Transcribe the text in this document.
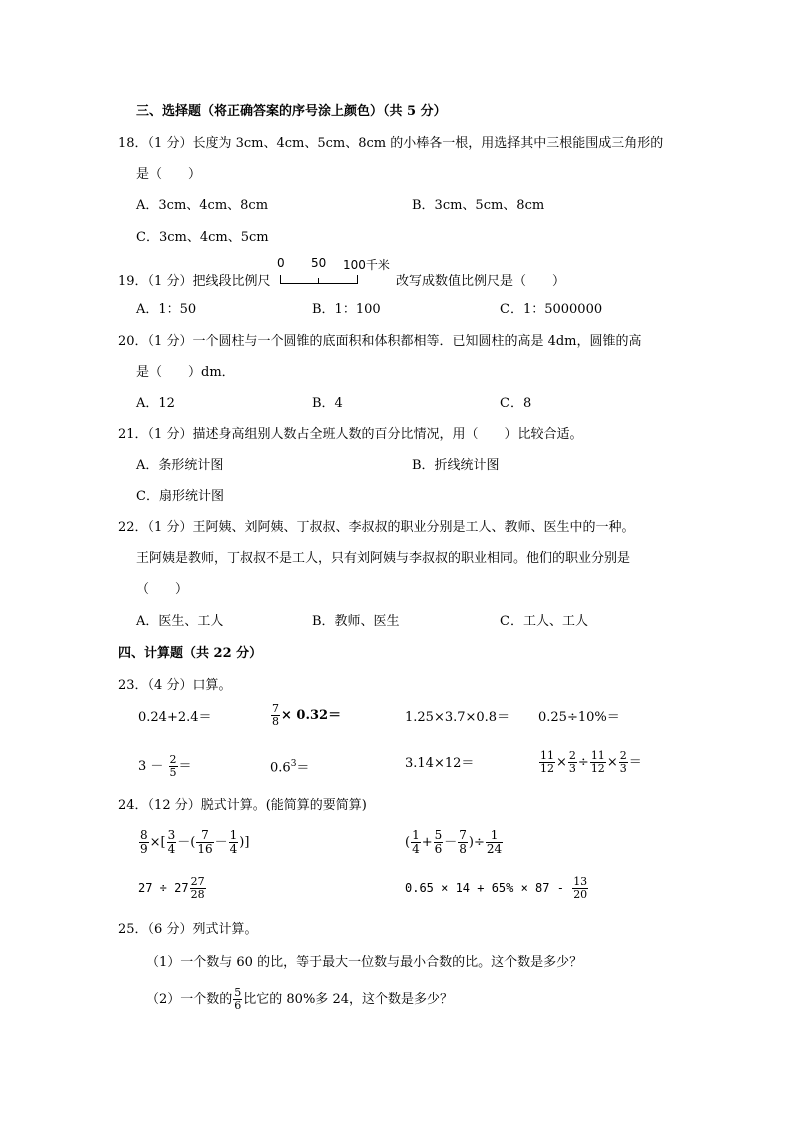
三、选择题（将正确答案的序号涂上颜色）（共 5 分）
18．（1 分）长度为 3cm、4cm、5cm、8cm 的小棒各一根，用选择其中三根能围成三角形的
是（　　）
A．3cm、4cm、8cm	B．3cm、5cm、8cm
C．3cm、4cm、5cm
19．（1 分）把线段比例尺
0 50 100千米
改写成数值比例尺是（　　）
A．1：50	B．1：100	C．1：5000000
20．（1 分）一个圆柱与一个圆锥的底面积和体积都相等．已知圆柱的高是 4dm，圆锥的高
是（　　）dm．
A．12	B．4	C．8
21．（1 分）描述身高组别人数占全班人数的百分比情况，用（　　）比较合适。
A．条形统计图	B．折线统计图
C．扇形统计图
22．（1 分）王阿姨、刘阿姨、丁叔叔、李叔叔的职业分别是工人、教师、医生中的一种。
王阿姨是教师，丁叔叔不是工人，只有刘阿姨与李叔叔的职业相同。他们的职业分别是
（　　）
A．医生、工人	B．教师、医生	C．工人、工人
四、计算题（共 22 分）
23．（4 分）口算。
0.24+2.4＝	$\frac{7}{8} \times 0.32=$	1.25×3.7×0.8＝ 0.25÷10%＝
$3 - \frac{2}{5}$ ＝	$0.6^3=$	3.14×12＝	$\frac{11}{12} \times \frac{2}{3} \div \frac{11}{12} \times \frac{2}{3}$ ＝
24．（12 分）脱式计算。(能简算的要简算)
$\frac{8}{9}$ ×[ $\frac{3}{4}$ －( $\frac{7}{16} - \frac{1}{4}$ )]	( $\frac{1}{4} + \frac{5}{6} - \frac{7}{8}$ )÷ $\frac{1}{24}$
$27 \div 27 \frac{27}{28}$	$0.65 \times 14 + 65\% \times 87 - \frac{13}{20}$
25．（6 分）列式计算。
（1）一个数与 60 的比，等于最大一位数与最小合数的比。这个数是多少？
（2）一个数的 $\frac{5}{6}$ 比它的 80%多 24，这个数是多少？
